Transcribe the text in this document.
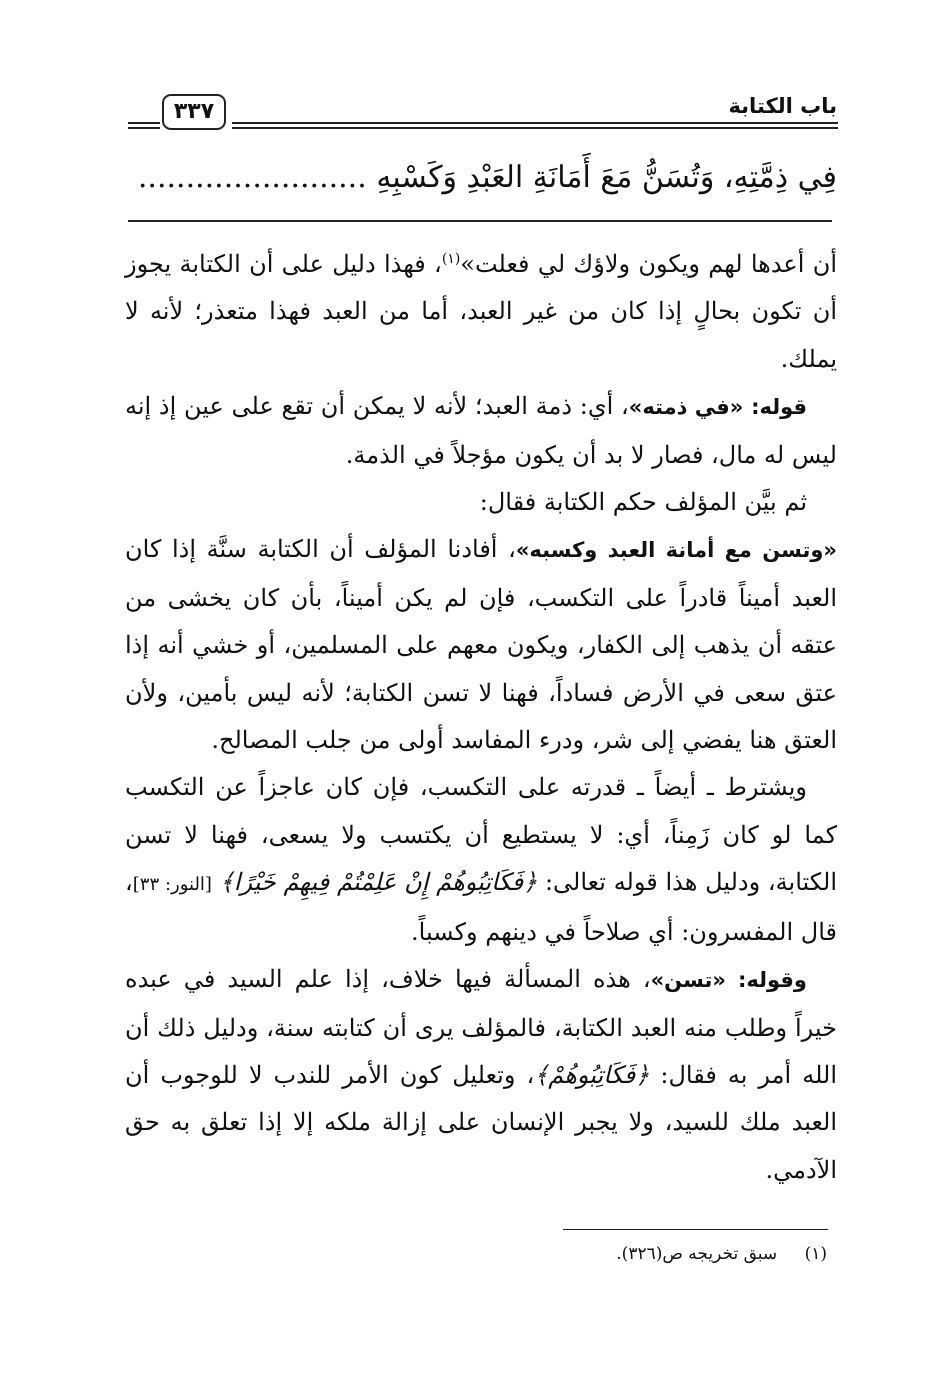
باب الكتابة
٣٣٧
فِي ذِمَّتِهِ، وَتُسَنُّ مَعَ أَمَانَةِ العَبْدِ وَكَسْبِهِ ........................

أن أعدها لهم ويكون ولاؤك لي فعلت»$^{(١)}$، فهذا دليل على أن الكتابة يجوز أن تكون بحالٍ إذا كان من غير العبد، أما من العبد فهذا متعذر؛ لأنه لا يملك.

قوله: «في ذمته»، أي: ذمة العبد؛ لأنه لا يمكن أن تقع على عين إذ إنه ليس له مال، فصار لا بد أن يكون مؤجلاً في الذمة.

ثم بيَّن المؤلف حكم الكتابة فقال:

«وتسن مع أمانة العبد وكسبه»، أفادنا المؤلف أن الكتابة سنَّة إذا كان العبد أميناً قادراً على التكسب، فإن لم يكن أميناً، بأن كان يخشى من عتقه أن يذهب إلى الكفار، ويكون معهم على المسلمين، أو خشي أنه إذا عتق سعى في الأرض فساداً، فهنا لا تسن الكتابة؛ لأنه ليس بأمين، ولأن العتق هنا يفضي إلى شر، ودرء المفاسد أولى من جلب المصالح.

ويشترط ـ أيضاً ـ قدرته على التكسب، فإن كان عاجزاً عن التكسب كما لو كان زَمِناً، أي: لا يستطيع أن يكتسب ولا يسعى، فهنا لا تسن الكتابة، ودليل هذا قوله تعالى: ﴿فَكَاتِبُوهُمْ إِنْ عَلِمْتُمْ فِيهِمْ خَيْرًا﴾ [النور: ٣٣]، قال المفسرون: أي صلاحاً في دينهم وكسباً.

وقوله: «تسن»، هذه المسألة فيها خلاف، إذا علم السيد في عبده خيراً وطلب منه العبد الكتابة، فالمؤلف يرى أن كتابته سنة، ودليل ذلك أن الله أمر به فقال: ﴿فَكَاتِبُوهُمْ﴾، وتعليل كون الأمر للندب لا للوجوب أن العبد ملك للسيد، ولا يجبر الإنسان على إزالة ملكه إلا إذا تعلق به حق الآدمي.

(١) سبق تخريجه ص(٣٢٦).
